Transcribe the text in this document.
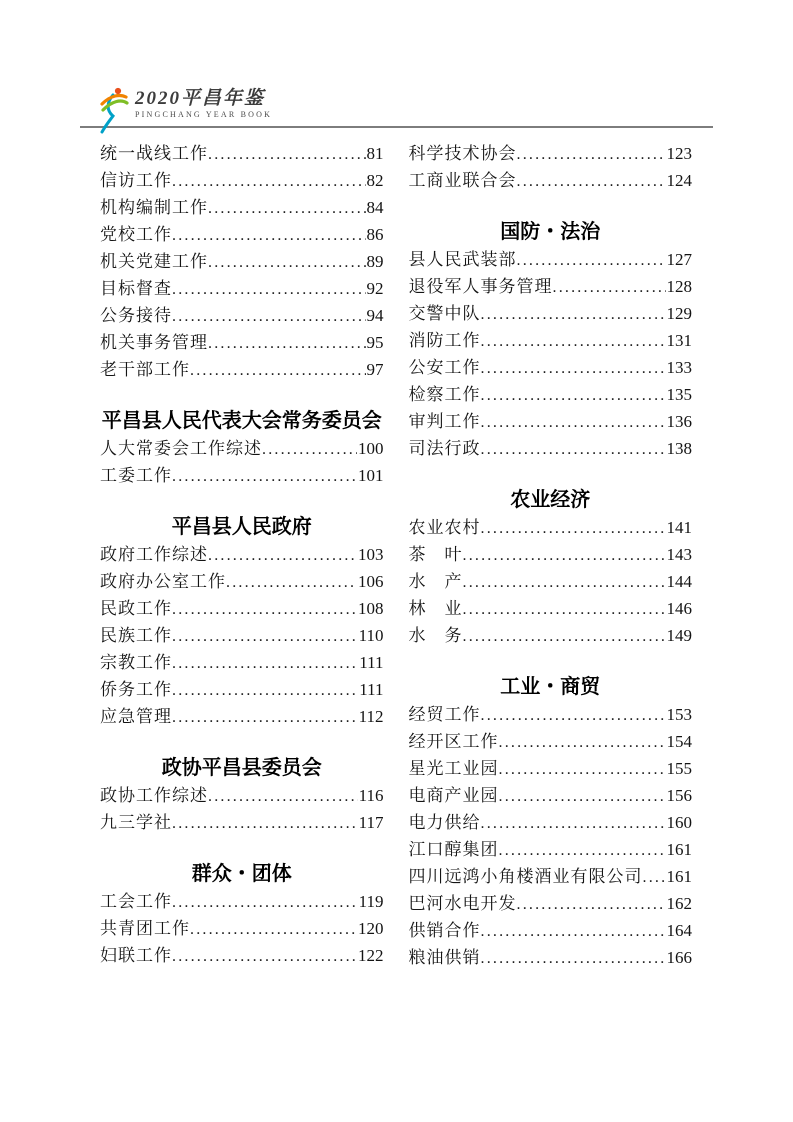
2020平昌年鉴
PINGCHANG YEAR BOOK
统一战线工作 .....	81
信访工作 .....	82
机构编制工作 .....	84
党校工作 .....	86
机关党建工作 .....	89
目标督查 .....	92
公务接待 .....	94
机关事务管理 .....	95
老干部工作 .....	97
平昌县人民代表大会常务委员会
人大常委会工作综述 .....	100
工委工作 .....	101
平昌县人民政府
政府工作综述 .....	103
政府办公室工作 .....	106
民政工作 .....	108
民族工作 .....	110
宗教工作 .....	111
侨务工作 .....	111
应急管理 .....	112
政协平昌县委员会
政协工作综述 .....	116
九三学社 .....	117
群众・团体
工会工作 .....	119
共青团工作 .....	120
妇联工作 .....	122
科学技术协会 .....	123
工商业联合会 .....	124
国防・法治
县人民武装部 .....	127
退役军人事务管理 .....	128
交警中队 .....	129
消防工作 .....	131
公安工作 .....	133
检察工作 .....	135
审判工作 .....	136
司法行政 .....	138
农业经济
农业农村 .....	141
茶　叶 .....	143
水　产 .....	144
林　业 .....	146
水　务 .....	149
工业・商贸
经贸工作 .....	153
经开区工作 .....	154
星光工业园 .....	155
电商产业园 .....	156
电力供给 .....	160
江口醇集团 .....	161
四川远鸿小角楼酒业有限公司 ..... 161
巴河水电开发 .....	162
供销合作 .....	164
粮油供销 .....	166
